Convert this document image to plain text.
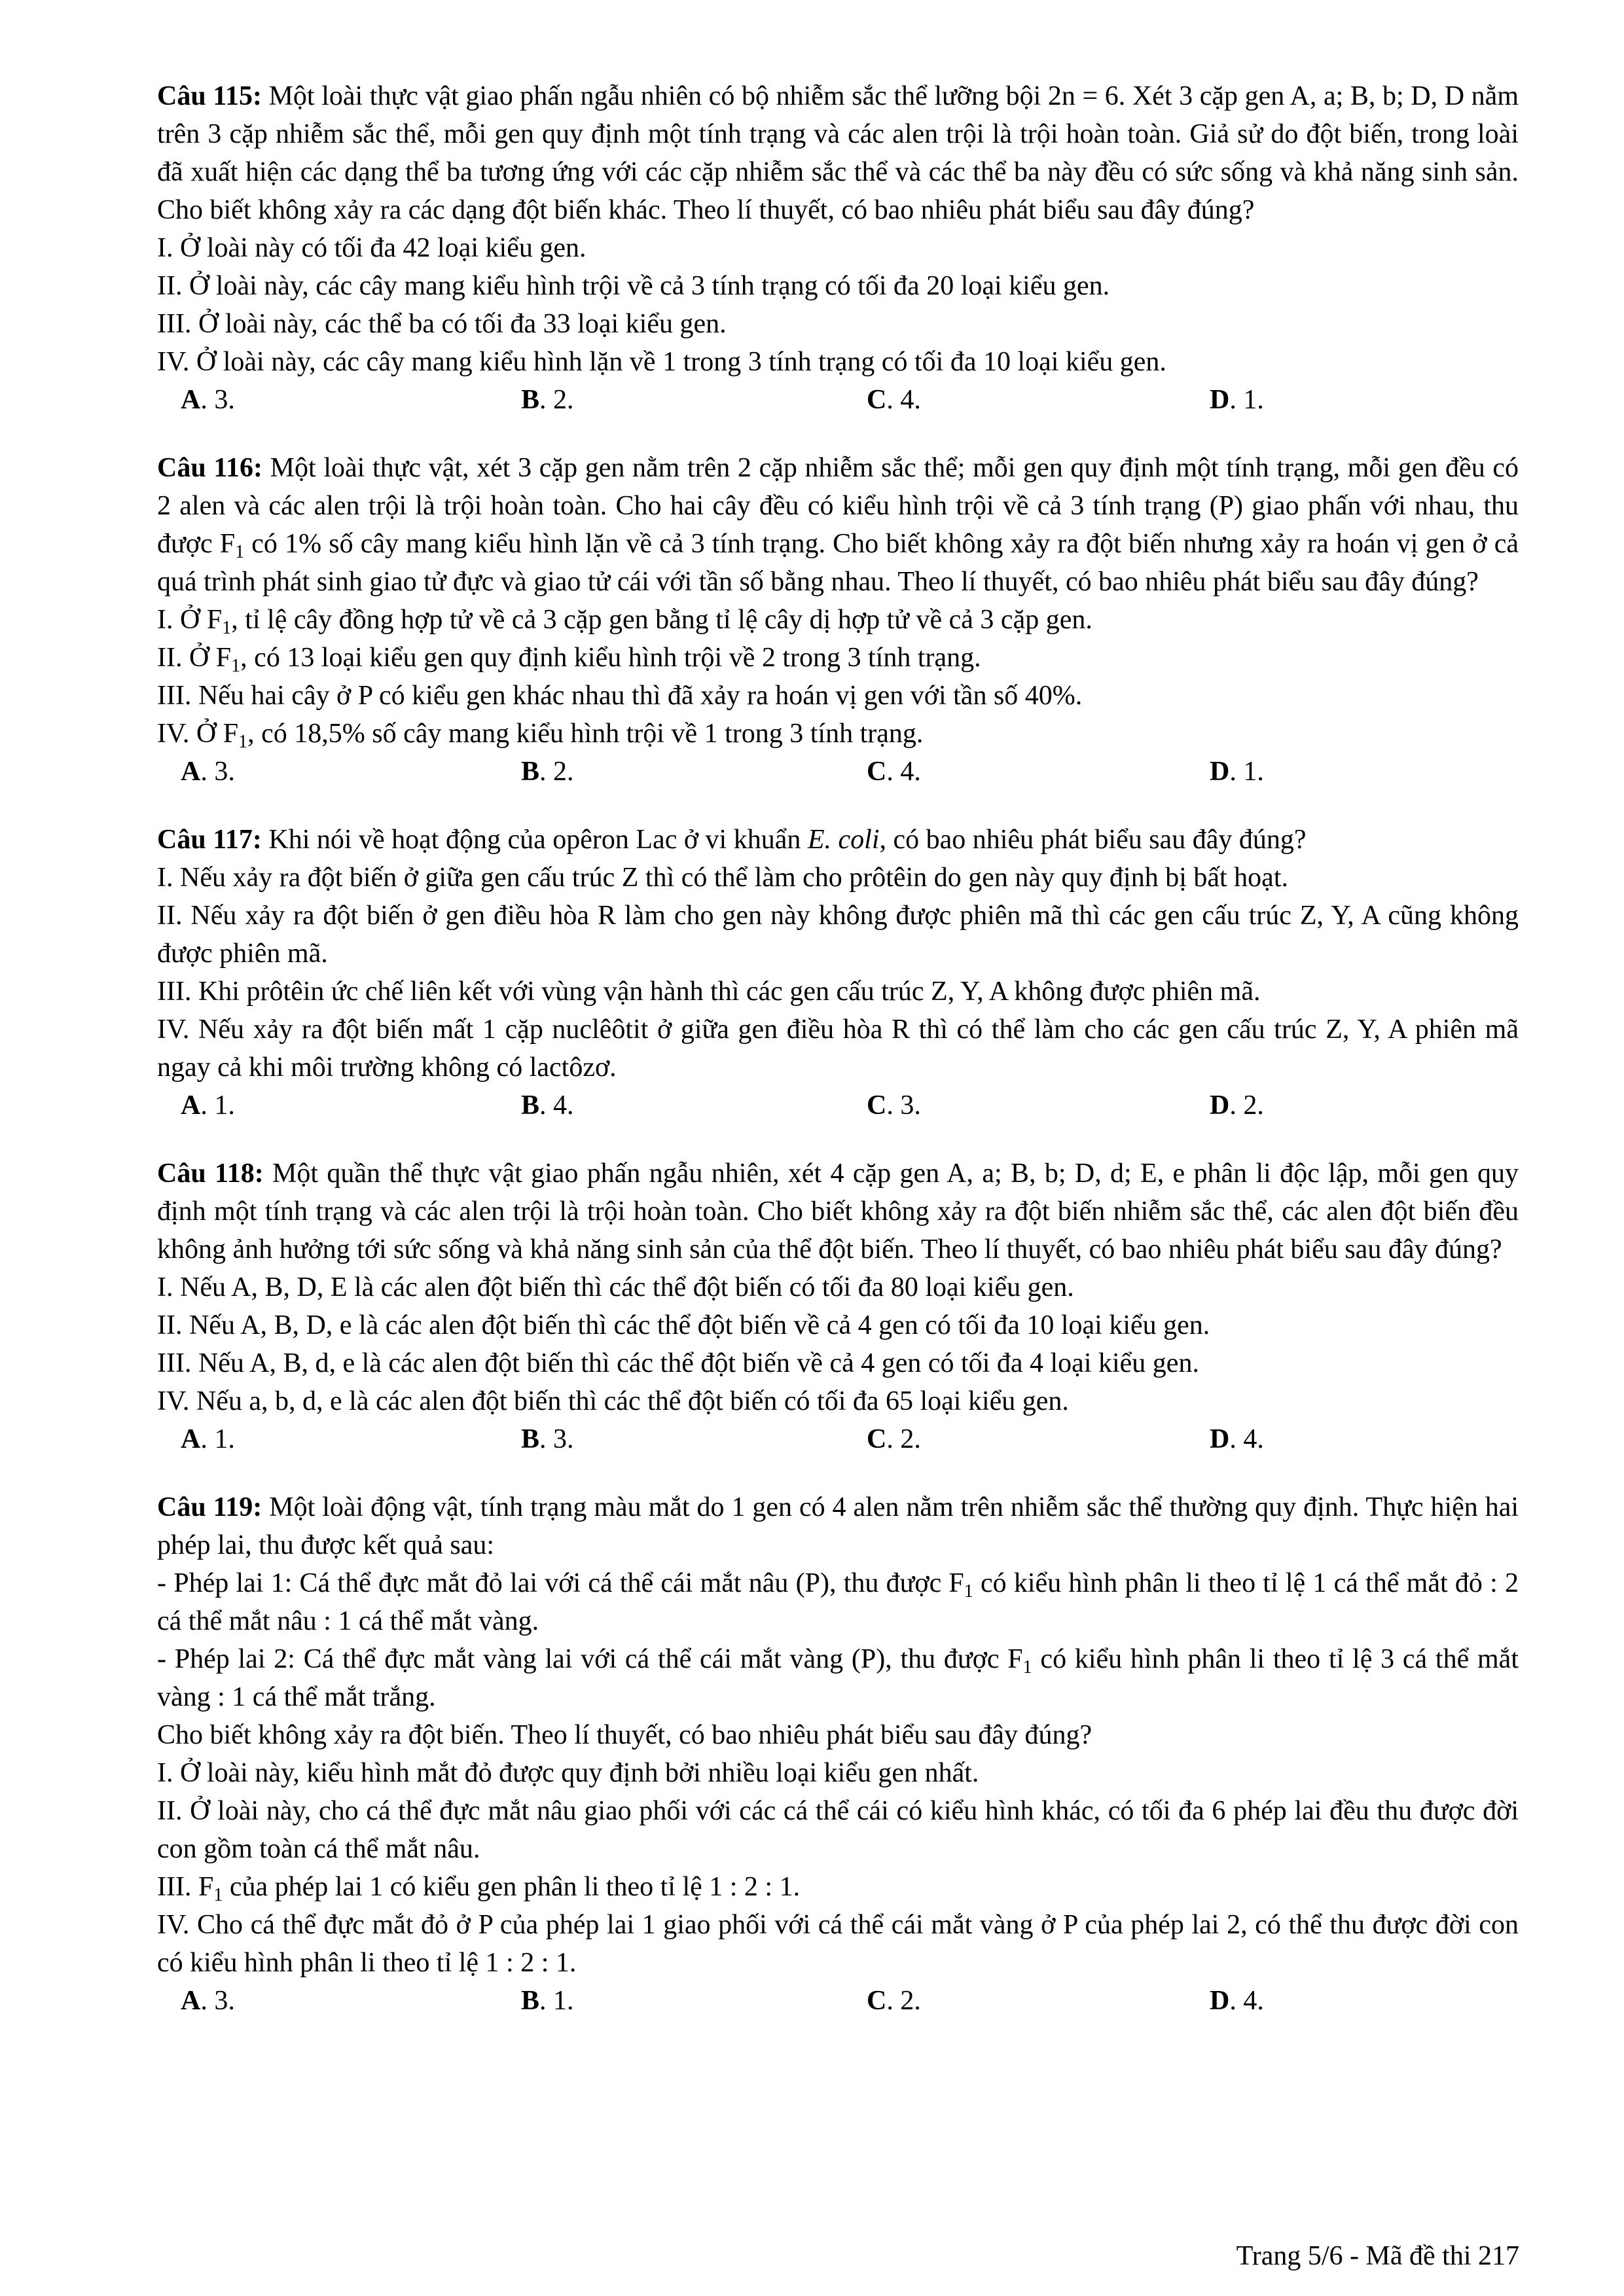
Câu 115: Một loài thực vật giao phấn ngẫu nhiên có bộ nhiễm sắc thể lưỡng bội 2n = 6. Xét 3 cặp gen A, a; B, b; D, D nằm trên 3 cặp nhiễm sắc thể, mỗi gen quy định một tính trạng và các alen trội là trội hoàn toàn. Giả sử do đột biến, trong loài đã xuất hiện các dạng thể ba tương ứng với các cặp nhiễm sắc thể và các thể ba này đều có sức sống và khả năng sinh sản. Cho biết không xảy ra các dạng đột biến khác. Theo lí thuyết, có bao nhiêu phát biểu sau đây đúng?

I. Ở loài này có tối đa 42 loại kiểu gen.

II. Ở loài này, các cây mang kiểu hình trội về cả 3 tính trạng có tối đa 20 loại kiểu gen.

III. Ở loài này, các thể ba có tối đa 33 loại kiểu gen.

IV. Ở loài này, các cây mang kiểu hình lặn về 1 trong 3 tính trạng có tối đa 10 loại kiểu gen.

A. 3.	B. 2.	C. 4.	D. 1.

Câu 116: Một loài thực vật, xét 3 cặp gen nằm trên 2 cặp nhiễm sắc thể; mỗi gen quy định một tính trạng, mỗi gen đều có 2 alen và các alen trội là trội hoàn toàn. Cho hai cây đều có kiểu hình trội về cả 3 tính trạng (P) giao phấn với nhau, thu được $F_1$ có 1% số cây mang kiểu hình lặn về cả 3 tính trạng. Cho biết không xảy ra đột biến nhưng xảy ra hoán vị gen ở cả quá trình phát sinh giao tử đực và giao tử cái với tần số bằng nhau. Theo lí thuyết, có bao nhiêu phát biểu sau đây đúng?

I. Ở $F_1$, tỉ lệ cây đồng hợp tử về cả 3 cặp gen bằng tỉ lệ cây dị hợp tử về cả 3 cặp gen.

II. Ở $F_1$, có 13 loại kiểu gen quy định kiểu hình trội về 2 trong 3 tính trạng.

III. Nếu hai cây ở P có kiểu gen khác nhau thì đã xảy ra hoán vị gen với tần số 40%.

IV. Ở $F_1$, có 18,5% số cây mang kiểu hình trội về 1 trong 3 tính trạng.

A. 3.	B. 2.	C. 4.	D. 1.

Câu 117: Khi nói về hoạt động của opêron Lac ở vi khuẩn E. coli, có bao nhiêu phát biểu sau đây đúng?

I. Nếu xảy ra đột biến ở giữa gen cấu trúc Z thì có thể làm cho prôtêin do gen này quy định bị bất hoạt.

II. Nếu xảy ra đột biến ở gen điều hòa R làm cho gen này không được phiên mã thì các gen cấu trúc Z, Y, A cũng không được phiên mã.

III. Khi prôtêin ức chế liên kết với vùng vận hành thì các gen cấu trúc Z, Y, A không được phiên mã.

IV. Nếu xảy ra đột biến mất 1 cặp nuclêôtit ở giữa gen điều hòa R thì có thể làm cho các gen cấu trúc Z, Y, A phiên mã ngay cả khi môi trường không có lactôzơ.

A. 1.	B. 4.	C. 3.	D. 2.

Câu 118: Một quần thể thực vật giao phấn ngẫu nhiên, xét 4 cặp gen A, a; B, b; D, d; E, e phân li độc lập, mỗi gen quy định một tính trạng và các alen trội là trội hoàn toàn. Cho biết không xảy ra đột biến nhiễm sắc thể, các alen đột biến đều không ảnh hưởng tới sức sống và khả năng sinh sản của thể đột biến. Theo lí thuyết, có bao nhiêu phát biểu sau đây đúng?

I. Nếu A, B, D, E là các alen đột biến thì các thể đột biến có tối đa 80 loại kiểu gen.

II. Nếu A, B, D, e là các alen đột biến thì các thể đột biến về cả 4 gen có tối đa 10 loại kiểu gen.

III. Nếu A, B, d, e là các alen đột biến thì các thể đột biến về cả 4 gen có tối đa 4 loại kiểu gen.

IV. Nếu a, b, d, e là các alen đột biến thì các thể đột biến có tối đa 65 loại kiểu gen.

A. 1.	B. 3.	C. 2.	D. 4.

Câu 119: Một loài động vật, tính trạng màu mắt do 1 gen có 4 alen nằm trên nhiễm sắc thể thường quy định. Thực hiện hai phép lai, thu được kết quả sau:

- Phép lai 1: Cá thể đực mắt đỏ lai với cá thể cái mắt nâu (P), thu được $F_1$ có kiểu hình phân li theo tỉ lệ 1 cá thể mắt đỏ : 2 cá thể mắt nâu : 1 cá thể mắt vàng.

- Phép lai 2: Cá thể đực mắt vàng lai với cá thể cái mắt vàng (P), thu được $F_1$ có kiểu hình phân li theo tỉ lệ 3 cá thể mắt vàng : 1 cá thể mắt trắng.

Cho biết không xảy ra đột biến. Theo lí thuyết, có bao nhiêu phát biểu sau đây đúng?

I. Ở loài này, kiểu hình mắt đỏ được quy định bởi nhiều loại kiểu gen nhất.

II. Ở loài này, cho cá thể đực mắt nâu giao phối với các cá thể cái có kiểu hình khác, có tối đa 6 phép lai đều thu được đời con gồm toàn cá thể mắt nâu.

III. $F_1$ của phép lai 1 có kiểu gen phân li theo tỉ lệ 1 : 2 : 1.

IV. Cho cá thể đực mắt đỏ ở P của phép lai 1 giao phối với cá thể cái mắt vàng ở P của phép lai 2, có thể thu được đời con có kiểu hình phân li theo tỉ lệ 1 : 2 : 1.

A. 3.	B. 1.	C. 2.	D. 4.
Trang 5/6 - Mã đề thi 217
